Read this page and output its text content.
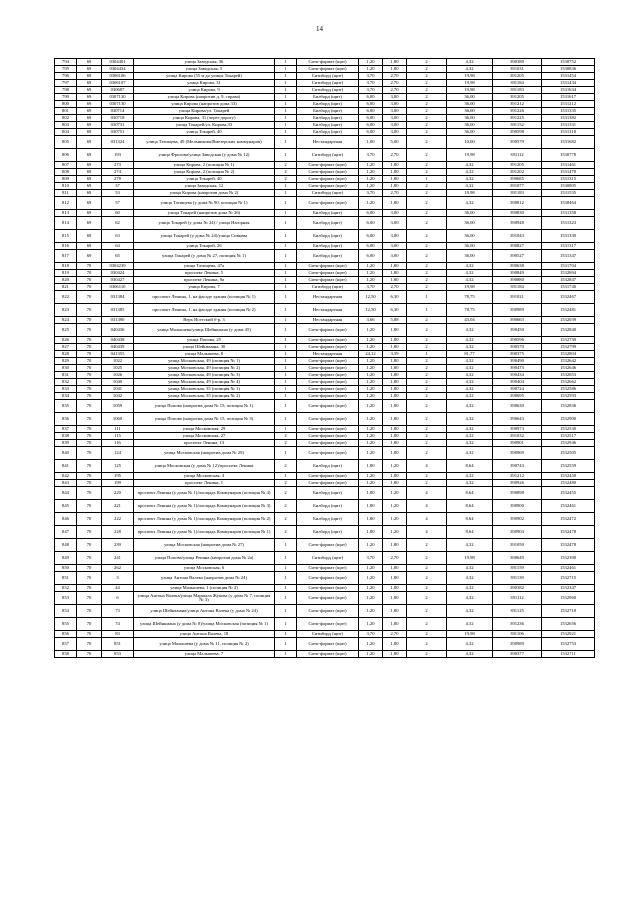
14
794	69	0304401	улица Заводская, 36	1	Сити-формат (щит)	1,20	1,80	2	4,32	390380	1530752
795	69	0304434	улица Заводская, 5	1	Сити-формат (щит)	1,20	1,80	2	4,32	391031	1530836
796	69	0306106	улица Кирова (55 м до улицы Токарей)	1	Ситиборд (щит)	3,70	2,70	2	19,98	391205	1531454
797	69	0306107	улица Кирова, 31	1	Ситиборд (щит)	3,70	2,70	2	19,98	391184	1531434
798	69	030687	улица Кирова, 9	1	Ситиборд (щит)	3,70	2,70	2	19,98	391183	1531634
799	69	0307130	улица Кирова (напротив д. 9, справа)	1	Билборд (щит)	6,00	3,00	2	36,00	391205	1531617
800	69	0307130	улица Кирова (напротив дома 33)	1	Билборд (щит)	6,00	3,00	2	36,00	391212	1531212
801	69	030714	улица Кирова/ул. Токарей	1	Билборд (щит)	6,00	3,00	2	36,00	391226	1531335
802	69	030718	улица Кирова, 31 (через дорогу)	1	Билборд (щит)	6,00	3,00	2	36,00	391225	1531382
803	69	030731	улица Токарей/ул. Кирова,33	1	Билборд (щит)	6,00	3,00	2	36,00	391152	1531331
804	69	030751	улица Токарей, 40	1	Билборд (щит)	6,00	3,00	2	36,00	390598	1531310
805	69	031324	улица Татищева, 49 (Мельникова/Вмезерских коммунаров)	1	Нестандартная	1,00	5,00	2	10,00	390579	1531682
806	69	193	улица Фролова/улица Заводская (у дома № 12)	1	Ситиборд (щит)	3,70	2,70	2	19,98	391112	1530778
807	69	273	улица Кирова, 2 (позиция № 1)	2	Сити-формат (щит)	1,20	1,80	2	4,32	391205	1531461
808	69	274	улица Кирова, 2 (позиция № 2)	2	Сити-формат (щит)	1,20	1,80	2	4,32	391202	1531470
809	69	278	улица Токарей, 40	2	Сити-формат (щит)	1,20	1,80	1	4,32	390685	1531315
810	69	37	улица Заводская, 12	1	Сити-формат (щит)	1,20	1,80	2	4,32	391077	1530805
811	69	53	улица Кирова (напротив дома № 2)	1	Ситиборд (щит)	3,70	2,70	2	19,98	391183	1531535
812	69	57	улица Татищева (у дома № 90, позиция № 1)	1	Сити-формат (щит)	1,20	1,80	2	4,32	390812	1530464
813	69	60	улица Токарей (напротив дома № 26)	1	Билборд (щит)	6,00	3,00	2	36,00	390830	1531358
814	69	62	улица Токарей (у дома № 24) / улица Нагорная	1	Билборд (щит)	6,00	3,00	2	36,00	390948	1531323
815	69	63	улица Токарей (у дома № 24)/улица Сивкова	1	Билборд (щит)	6,00	3,00	2	36,00	391043	1531330
816	69	64	улица Токарей, 26	1	Билборд (щит)	6,00	3,00	2	36,00	390827	1531317
817	69	65	улица Токарей (у дома № 27, позиция № 1)	1	Билборд (щит)	6,00	3,00	2	36,00	390527	1531347
818	70	0304239	улица Татищева, 47а	1	Сити-формат (щит)	1,20	1,80	2	4,32	390638	1531704
819	70	030424	проспект Ленина, 5	1	Сити-формат (щит)	1,20	1,80	2	4,32	390849	1532694
820	70	030427	проспект Ленина, 9а	1	Сити-формат (щит)	1,20	1,80	2	4,32	390880	1532847
821	70	0306110	улица Кирова, 7	1	Ситиборд (щит)	3,70	2,70	2	19,98	391184	1531740
822	70	031384	проспект Ленина, 1, на фасаде здания (позиция № 1)	1	Нестандартная	12,50	6,30	1	78,75	391021	1532467
823	70	031385	проспект Ленина, 1, на фасаде здания (позиция № 2)	1	Нестандартная	12,50	6,30	1	78,75	390989	1532481
824	70	031390	Верх Исетский б-р, 3	1	Нестандартная	3,66	5,88	2	43,04	390663	1532039
825	70	040436	улица Малышева/улица Шейнкмана (у дома 45)	1	Сити-формат (щит)	1,20	1,80	2	4,32	390450	1532840
826	70	040438	улица Попова, 25	1	Сити-формат (щит)	1,20	1,80	2	4,32	390596	1532739
827	70	040439	улица Шейнкмана, 30	1	Сити-формат (щит)	1,20	1,80	2	4,32	390570	1532799
828	70	041355	улица Малышева, 8	1	Нестандартная	24,12	3,39	1	81,77	390375	1532804
829	70	1022	улица Московская, 49 (позиция № 1)	1	Сити-формат (щит)	1,20	1,80	2	4,32	390490	1532642
830	70	1025	улица Московская, 49 (позиция № 2)	1	Сити-формат (щит)	1,20	1,80	2	4,32	390473	1532646
831	70	1026	улица Московская, 49 (позиция № 3)	1	Сити-формат (щит)	1,20	1,80	2	4,32	390434	1532653
832	70	1040	улица Московская, 49 (позиция № 4)	1	Сити-формат (щит)	1,20	1,80	2	4,32	390404	1532662
833	70	1041	улица Московская, 35 (позиция № 1)	1	Сити-формат (щит)	1,20	1,80	2	4,32	390724	1532586
834	70	1042	улица Московская, 35 (позиция № 2)	1	Сити-формат (щит)	1,20	1,80	2	4,32	390695	1532593
835	70	1059	улица Попова (напротив дома № 15, позиция № 1)	1	Сити-формат (щит)	1,20	1,80	2	4,32	390630	1532836
836	70	1060	улица Попова (напротив дома № 15, позиция № 3)	1	Сити-формат (щит)	1,20	1,80	2	4,32	390643	1532900
837	70	111	улица Московская, 29	1	Сити-формат (щит)	1,20	1,80	2	4,32	390973	1532530
838	70	115	улица Московская, 27	2	Сити-формат (щит)	1,20	1,80	2	4,32	391032	1532517
839	70	116	проспект Ленина, 13	2	Сити-формат (щит)	1,20	1,80	2	4,32	390901	1532946
840	70	124	улица Московская (напротив дома № 29)	1	Сити-формат (щит)	1,20	1,80	2	4,32	390969	1532505
841	70	125	улица Московская (у дома № 12)/проспект Ленина	2	Билборд (щит)	1,80	1,20	4	8,64	390743	1532559
842	70	195	улица Московская, 4	1	Сити-формат (щит)	1,20	1,80	2	4,32	391212	1532450
843	70	199	проспект Ленина, 1	2	Сити-формат (щит)	1,20	1,80	2	4,32	390926	1532480
844	70	220	проспект Ленина (у дома № 1)/площадь Коммунаров (позиция № 4)	2	Билборд (щит)	1,80	1,20	4	8,64	390898	1532455
845	70	221	проспект Ленина (у дома № 1)/площадь Коммунаров (позиция № 3)	2	Билборд (щит)	1,80	1,20	4	8,64	390900	1532461
846	70	222	проспект Ленина (у дома № 1)/площадь Коммунаров (позиция № 2)	2	Билборд (щит)	1,80	1,20	4	8,64	390902	1532472
847	70	228	проспект Ленина (у дома № 1)/площадь Коммунаров (позиция № 1)	2	Билборд (щит)	1,80	1,20	4	8,64	390903	1532478
848	70	239	улица Московская (напротив дома № 27)	1	Сити-формат (щит)	1,20	1,80	2	4,32	391050	1532478
849	70	241	улица Попова/улица Репина (напротив дома № 2а)	1	Ситиборд (щит)	3,70	2,70	2	19,98	390649	1532390
850	70	262	улица Московская, 6	1	Сити-формат (щит)	1,20	1,80	2	4,32	391159	1532461
851	70	3	улица Антона Валека (напротив дома № 24)	1	Сити-формат (щит)	1,20	1,80	2	4,32	391139	1532715
852	70	44	улица Малышева, 1 (позиция № 2)	1	Сити-формат (щит)	1,20	1,80	2	4,32	390382	1532347
853	70	6	улица Антона Валека/улица Маршала Жукова (у дома № 7, позиция № 3)	1	Сити-формат (щит)	1,20	1,80	2	4,32	391112	1532960
854	70	73	улица Шейнкмана/улица Антона Валека (у дома № 24)	1	Сити-формат (щит)	1,20	1,80	2	4,32	391125	1532718
855	70	74	улица Шейнкмана (у дома № 8)/улица Московская (позиция № 1)	1	Сити-формат (щит)	1,20	1,80	2	4,32	391236	1532656
856	70	83	улица Антона Валека, 18	1	Ситиборд (щит)	3,70	2,70	2	19,98	391106	1532921
857	70	851	улица Малышева (у дома № 11, позиция № 2)	1	Сити-формат (щит)	1,20	1,80	2	4,32	390989	1532753
858	70	853	улица Малышева, 7	1	Сити-формат (щит)	1,20	1,80	2	4,32	390377	1532711
